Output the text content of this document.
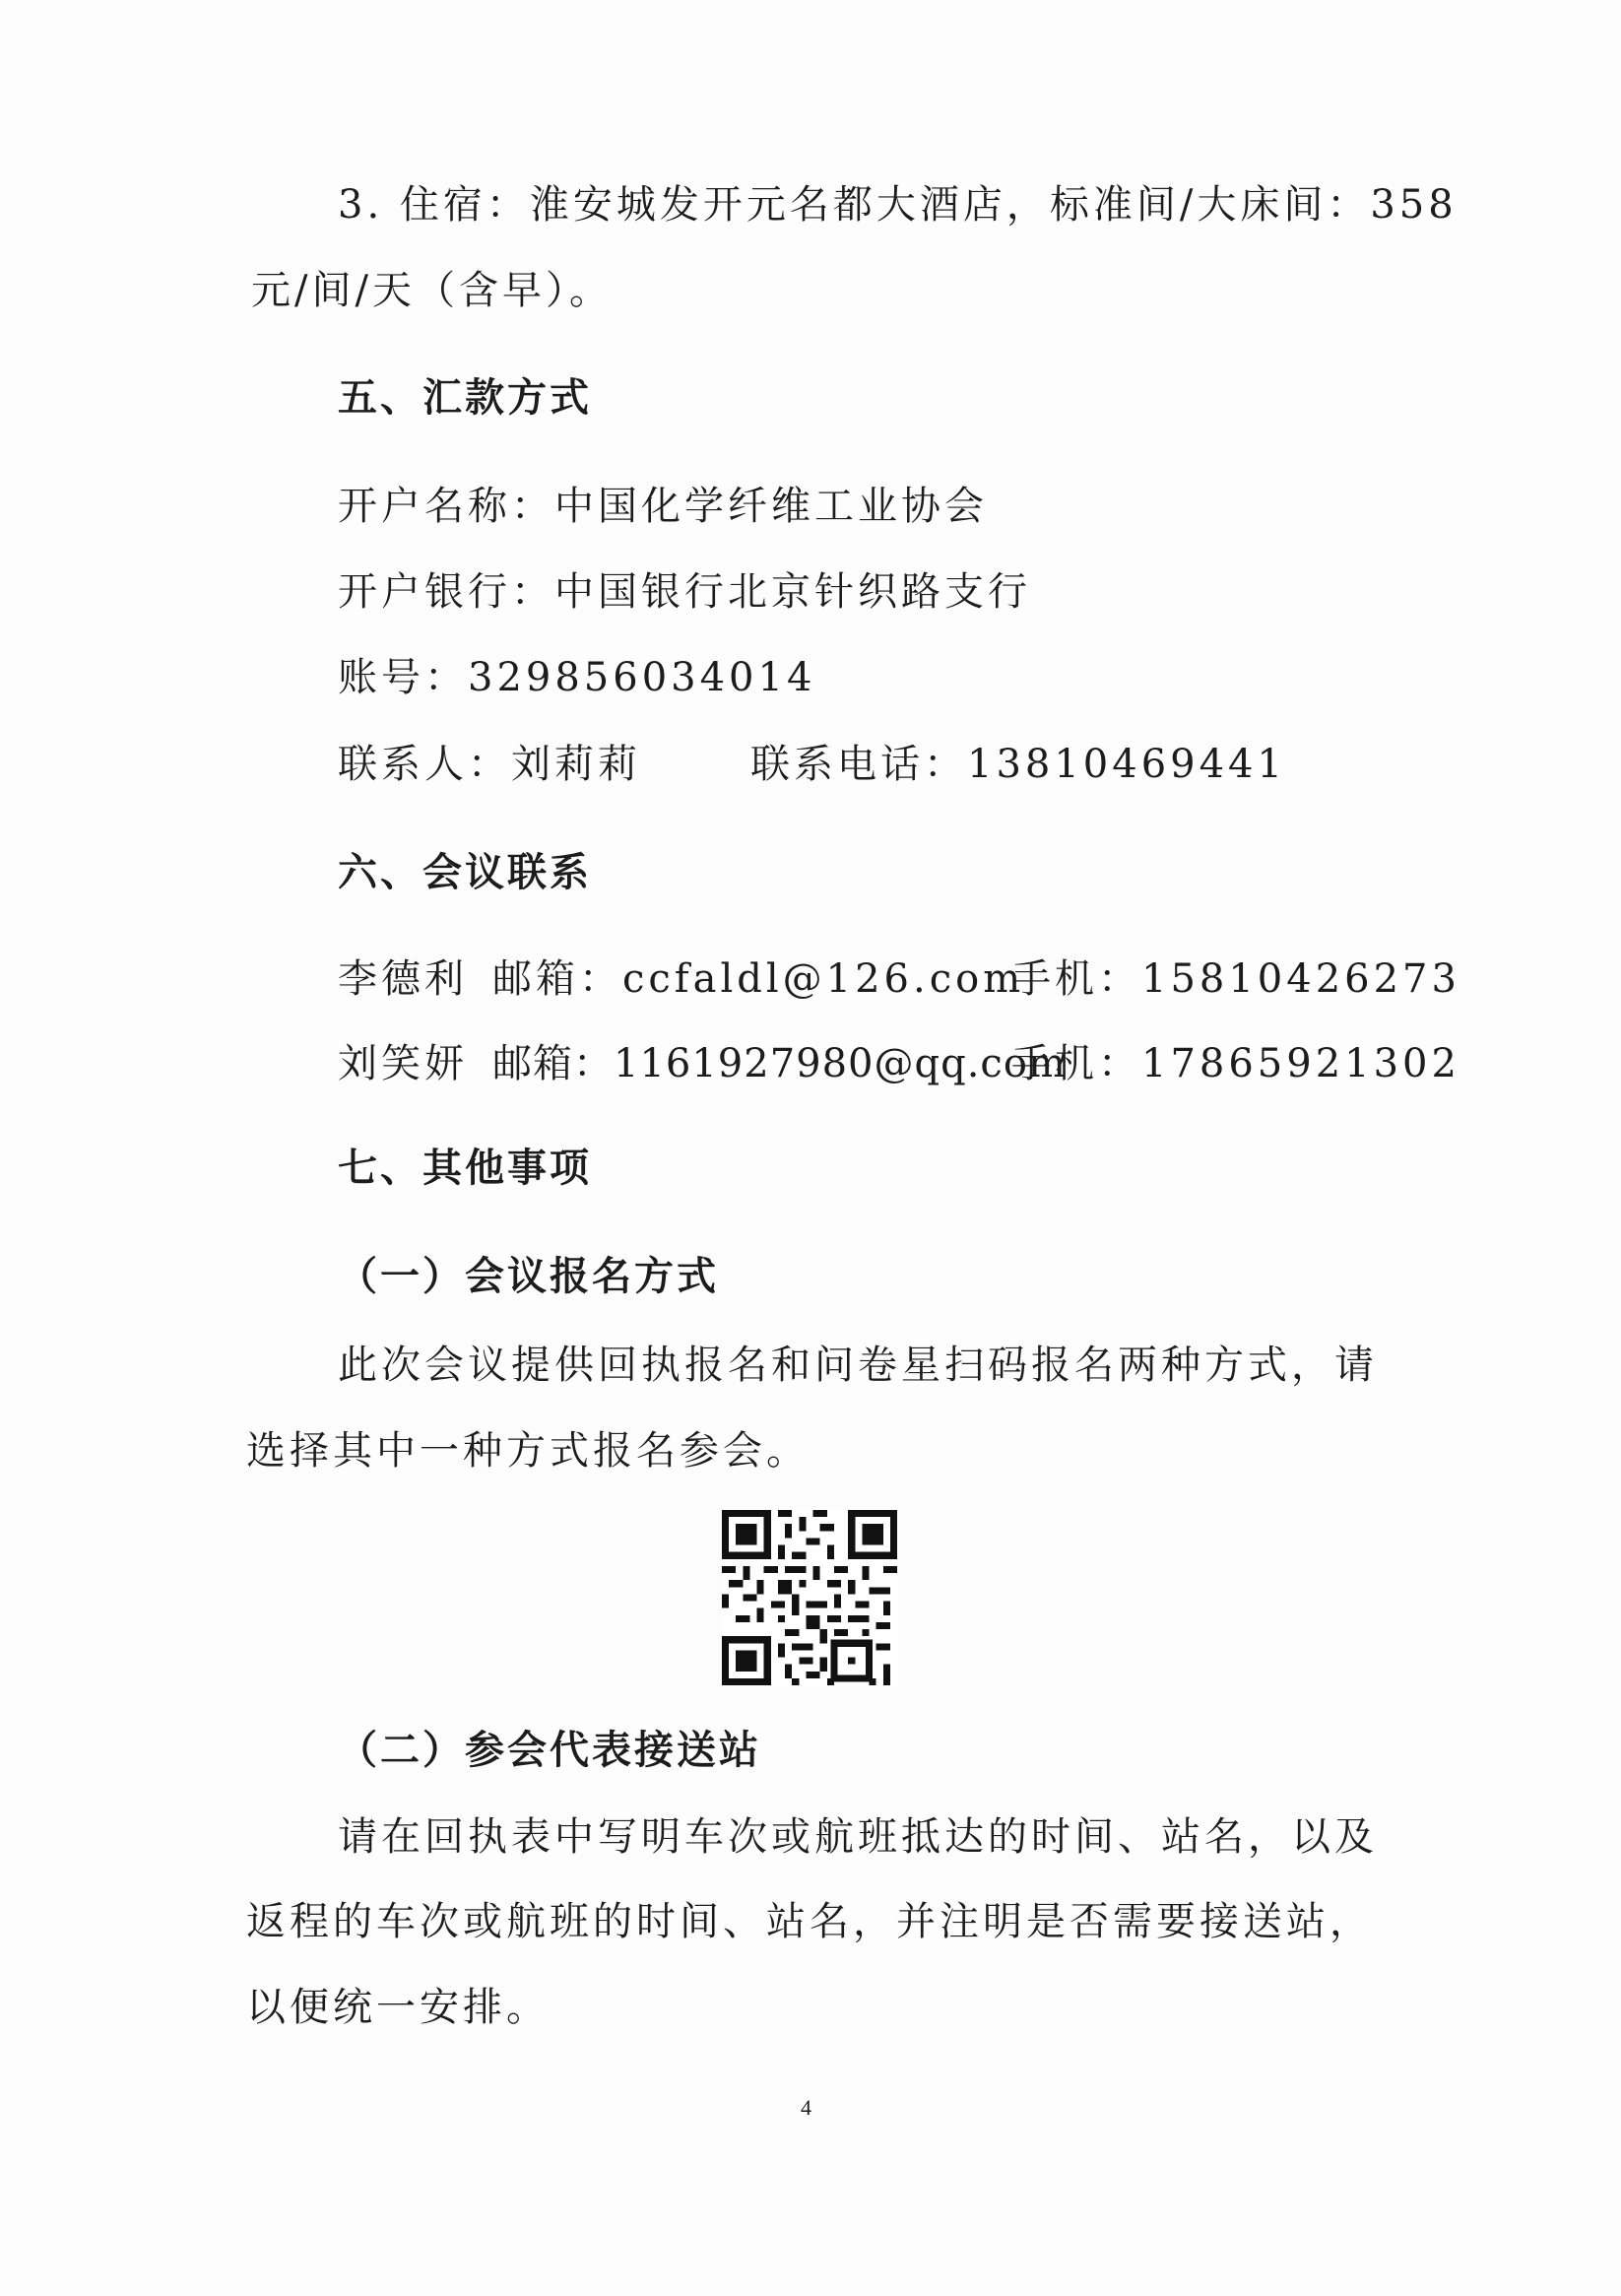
3. 住宿：淮安城发开元名都大酒店，标准间/大床间：358
元/间/天（含早）。
五、汇款方式
开户名称：中国化学纤维工业协会
开户银行：中国银行北京针织路支行
账号：329856034014
联系人：刘莉莉	联系电话：13810469441
六、会议联系
李德利 邮箱：ccfaldl@126.com
手机：15810426273
刘笑妍 邮箱：1161927980@qq.com
手机：17865921302
七、其他事项
（一）会议报名方式
此次会议提供回执报名和问卷星扫码报名两种方式，请
选择其中一种方式报名参会。
（二）参会代表接送站
请在回执表中写明车次或航班抵达的时间、站名，以及
返程的车次或航班的时间、站名，并注明是否需要接送站，
以便统一安排。
4
